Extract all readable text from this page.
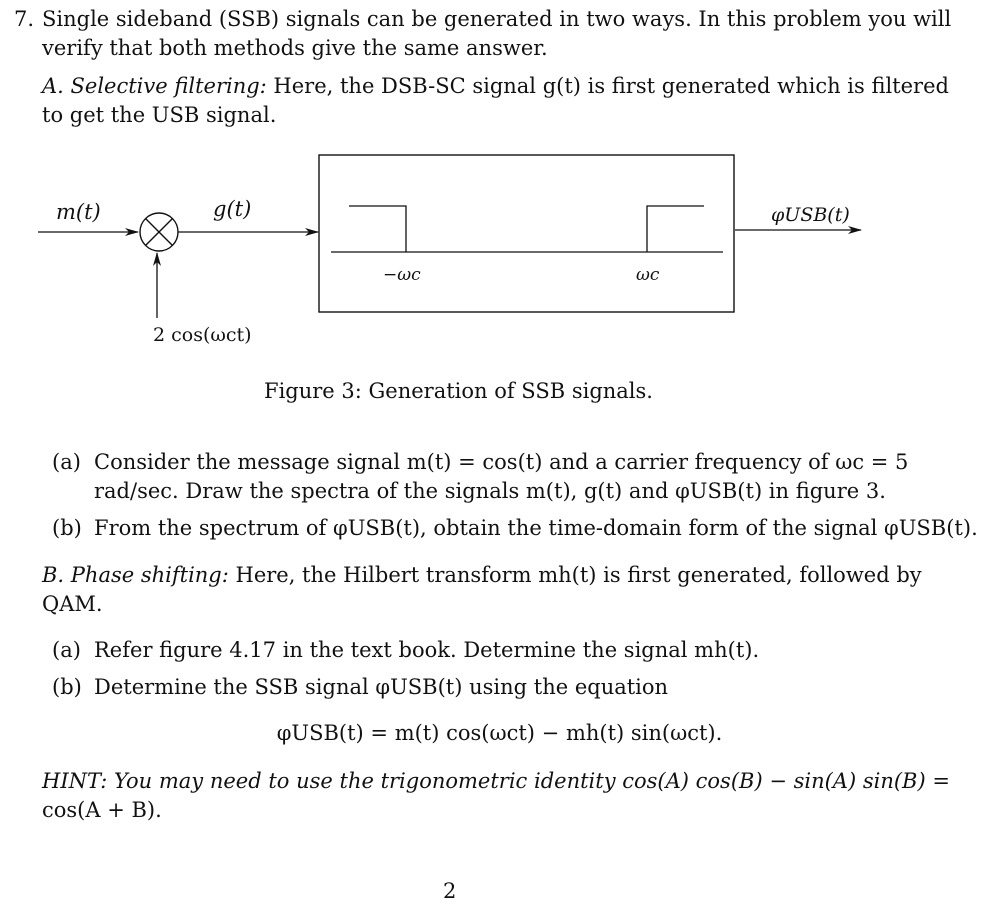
7. Single sideband (SSB) signals can be generated in two ways. In this problem you will
verify that both methods give the same answer.
A. Selective filtering: Here, the DSB-SC signal g(t) is first generated which is filtered
to get the USB signal.
m(t)	g(t)
2 cos(ωct)
−ωc	ωc
φUSB(t)
Figure 3: Generation of SSB signals.
(a) Consider the message signal m(t) = cos(t) and a carrier frequency of ωc = 5
rad/sec. Draw the spectra of the signals m(t), g(t) and φUSB(t) in figure 3.
(b) From the spectrum of φUSB(t), obtain the time-domain form of the signal φUSB(t).
B. Phase shifting: Here, the Hilbert transform mh(t) is first generated, followed by
QAM.
(a) Refer figure 4.17 in the text book. Determine the signal mh(t).
(b) Determine the SSB signal φUSB(t) using the equation
φUSB(t) = m(t) cos(ωct) − mh(t) sin(ωct).
HINT: You may need to use the trigonometric identity cos(A) cos(B) − sin(A) sin(B) =
cos(A + B).
2
